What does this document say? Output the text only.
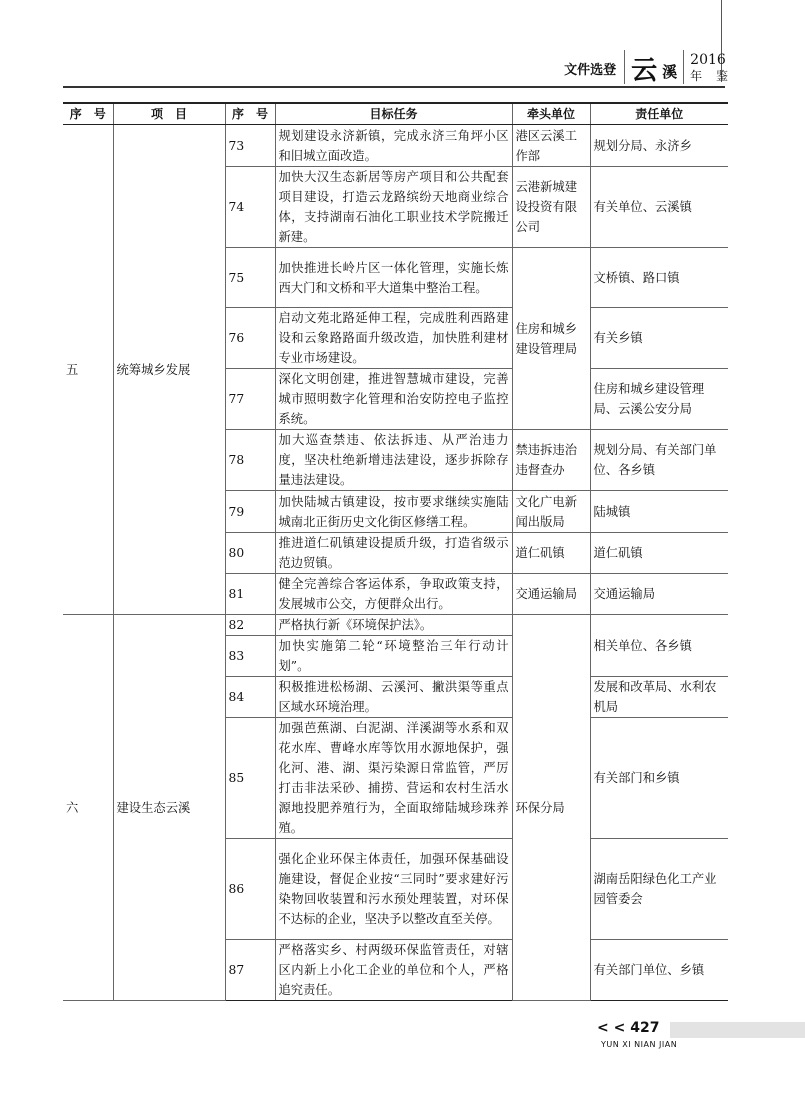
文件选登 云 溪
2016
年 鉴
序　号	项　目	序　号	目标任务	牵头单位	责任单位
五	统筹城乡发展	73	规划建设永济新镇，完成永济三角坪小区和旧城立面改造。	港区云溪工作部	规划分局、永济乡
		74	加快大汉生态新居等房产项目和公共配套项目建设，打造云龙路缤纷天地商业综合体，支持湖南石油化工职业技术学院搬迁新建。	云港新城建设投资有限公司	有关单位、云溪镇
		75	加快推进长岭片区一体化管理，实施长炼西大门和文桥和平大道集中整治工程。	住房和城乡建设管理局	文桥镇、路口镇
		76	启动文苑北路延伸工程，完成胜利西路建设和云象路路面升级改造，加快胜利建材专业市场建设。		有关乡镇
		77	深化文明创建，推进智慧城市建设，完善城市照明数字化管理和治安防控电子监控系统。		住房和城乡建设管理局、云溪公安分局
		78	加大巡查禁违、依法拆违、从严治违力度，坚决杜绝新增违法建设，逐步拆除存量违法建设。	禁违拆违治违督查办	规划分局、有关部门单位、各乡镇
		79	加快陆城古镇建设，按市要求继续实施陆城南北正街历史文化街区修缮工程。	文化广电新闻出版局	陆城镇
		80	推进道仁矶镇建设提质升级，打造省级示范边贸镇。	道仁矶镇	道仁矶镇
		81	健全完善综合客运体系，争取政策支持，发展城市公交，方便群众出行。	交通运输局	交通运输局
六	建设生态云溪	82	严格执行新《环境保护法》。	环保分局	相关单位、各乡镇
		83	加快实施第二轮“环境整治三年行动计划”。		
		84	积极推进松杨湖、云溪河、撇洪渠等重点区域水环境治理。		发展和改革局、水利农机局
		85	加强芭蕉湖、白泥湖、洋溪湖等水系和双花水库、曹峰水库等饮用水源地保护，强化河、港、湖、渠污染源日常监管，严厉打击非法采砂、捕捞、营运和农村生活水源地投肥养殖行为，全面取缔陆城珍珠养殖。		有关部门和乡镇
		86	强化企业环保主体责任，加强环保基础设施建设，督促企业按“三同时”要求建好污染物回收装置和污水预处理装置，对环保不达标的企业，坚决予以整改直至关停。		湖南岳阳绿色化工产业园管委会
		87	严格落实乡、村两级环保监管责任，对辖区内新上小化工企业的单位和个人，严格追究责任。		有关部门单位、乡镇
< < 427
YUN XI NIAN JIAN
